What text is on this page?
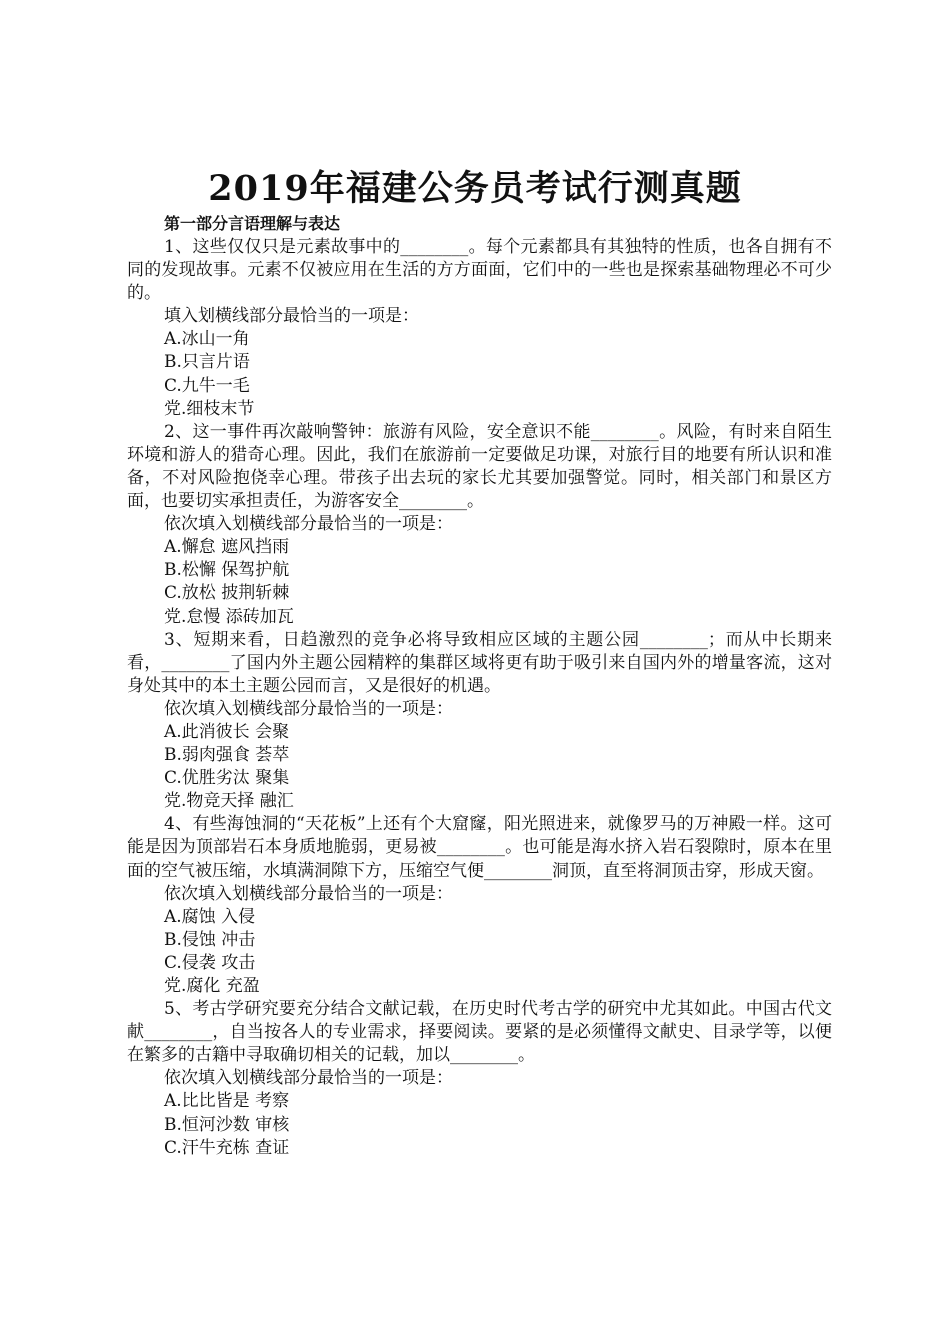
2019年福建公务员考试行测真题
第一部分言语理解与表达

1、这些仅仅只是元素故事中的________。每个元素都具有其独特的性质，也各自拥有不同的发现故事。元素不仅被应用在生活的方方面面，它们中的一些也是探索基础物理必不可少的。

填入划横线部分最恰当的一项是：

A.冰山一角

B.只言片语

C.九牛一毛

党.细枝末节

2、这一事件再次敲响警钟：旅游有风险，安全意识不能________。风险，有时来自陌生环境和游人的猎奇心理。因此，我们在旅游前一定要做足功课，对旅行目的地要有所认识和准备，不对风险抱侥幸心理。带孩子出去玩的家长尤其要加强警觉。同时，相关部门和景区方面，也要切实承担责任，为游客安全________。

依次填入划横线部分最恰当的一项是：

A.懈怠 遮风挡雨

B.松懈 保驾护航

C.放松 披荆斩棘

党.怠慢 添砖加瓦

3、短期来看，日趋激烈的竞争必将导致相应区域的主题公园________；而从中长期来看，________了国内外主题公园精粹的集群区域将更有助于吸引来自国内外的增量客流，这对身处其中的本土主题公园而言，又是很好的机遇。

依次填入划横线部分最恰当的一项是：

A.此消彼长 会聚

B.弱肉强食 荟萃

C.优胜劣汰 聚集

党.物竞天择 融汇

4、有些海蚀洞的“天花板”上还有个大窟窿，阳光照进来，就像罗马的万神殿一样。这可能是因为顶部岩石本身质地脆弱，更易被________。也可能是海水挤入岩石裂隙时，原本在里面的空气被压缩，水填满洞隙下方，压缩空气便________洞顶，直至将洞顶击穿，形成天窗。

依次填入划横线部分最恰当的一项是：

A.腐蚀 入侵

B.侵蚀 冲击

C.侵袭 攻击

党.腐化 充盈

5、考古学研究要充分结合文献记载，在历史时代考古学的研究中尤其如此。中国古代文献________，自当按各人的专业需求，择要阅读。要紧的是必须懂得文献史、目录学等，以便在繁多的古籍中寻取确切相关的记载，加以________。

依次填入划横线部分最恰当的一项是：

A.比比皆是 考察

B.恒河沙数 审核

C.汗牛充栋 查证
